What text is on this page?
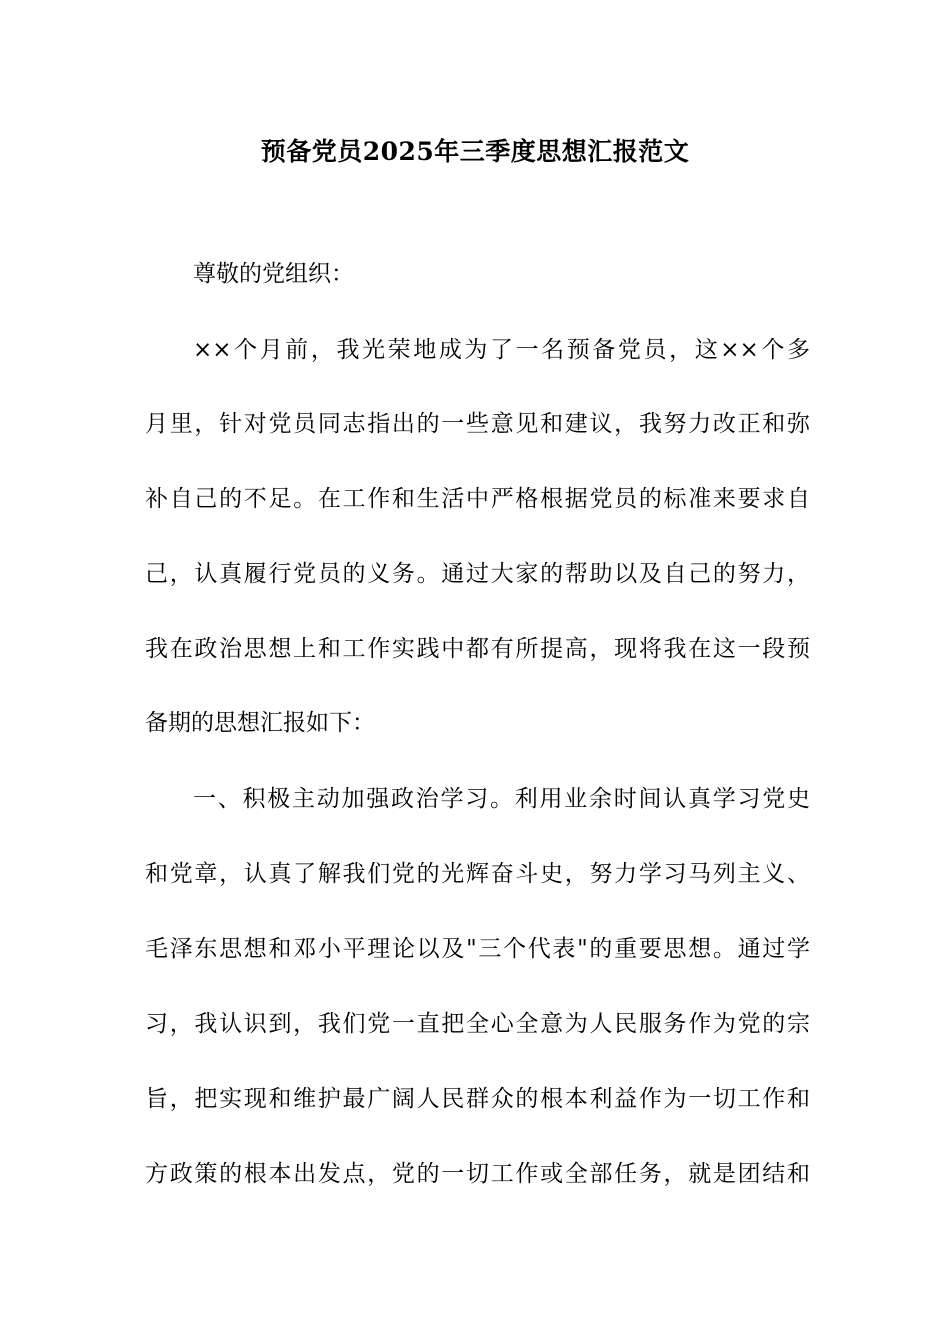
预备党员2025年三季度思想汇报范文
尊敬的党组织：
××个月前，我光荣地成为了一名预备党员，这××个多
月里，针对党员同志指出的一些意见和建议，我努力改正和弥
补自己的不足。在工作和生活中严格根据党员的标准来要求自
己，认真履行党员的义务。通过大家的帮助以及自己的努力，
我在政治思想上和工作实践中都有所提高，现将我在这一段预
备期的思想汇报如下：
一、积极主动加强政治学习。利用业余时间认真学习党史
和党章，认真了解我们党的光辉奋斗史，努力学习马列主义、
毛泽东思想和邓小平理论以及"三个代表"的重要思想。通过学
习，我认识到，我们党一直把全心全意为人民服务作为党的宗
旨，把实现和维护最广阔人民群众的根本利益作为一切工作和
方政策的根本出发点，党的一切工作或全部任务，就是团结和
